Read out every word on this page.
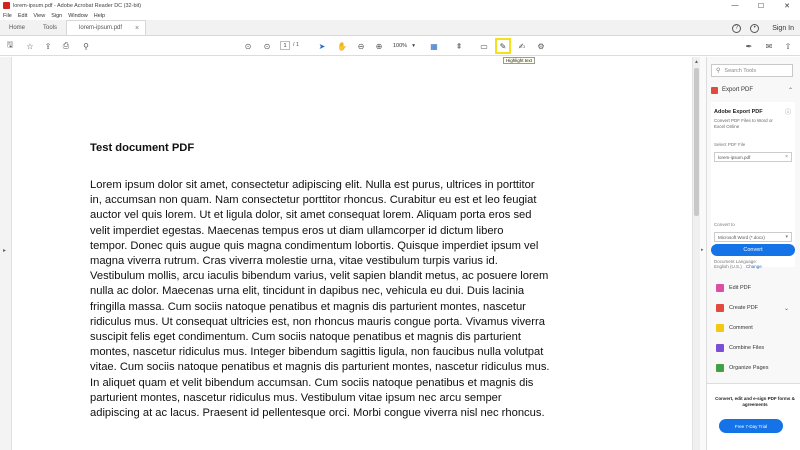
lorem-ipsum.pdf - Adobe Acrobat Reader DC (32-bit)	—	☐	✕
File Edit View Sign Window Help
Home	Tools	lorem-ipsum.pdf ×	?	•	Sign In
🖫	☆	⇪	⎙	⚲	⊙	⊙	1	/ 1	➤	✋	⊖	⊕	100% ▾ ▦	⇞	▭	✎	✍	⚙	✒	✉	⇧
Highlight text
▸
Test document PDF
Lorem ipsum dolor sit amet, consectetur adipiscing elit. Nulla est purus, ultrices in porttitor
in, accumsan non quam. Nam consectetur porttitor rhoncus. Curabitur eu est et leo feugiat
auctor vel quis lorem. Ut et ligula dolor, sit amet consequat lorem. Aliquam porta eros sed
velit imperdiet egestas. Maecenas tempus eros ut diam ullamcorper id dictum libero
tempor. Donec quis augue quis magna condimentum lobortis. Quisque imperdiet ipsum vel
magna viverra rutrum. Cras viverra molestie urna, vitae vestibulum turpis varius id.
Vestibulum mollis, arcu iaculis bibendum varius, velit sapien blandit metus, ac posuere lorem
nulla ac dolor. Maecenas urna elit, tincidunt in dapibus nec, vehicula eu dui. Duis lacinia
fringilla massa. Cum sociis natoque penatibus et magnis dis parturient montes, nascetur
ridiculus mus. Ut consequat ultricies est, non rhoncus mauris congue porta. Vivamus viverra
suscipit felis eget condimentum. Cum sociis natoque penatibus et magnis dis parturient
montes, nascetur ridiculus mus. Integer bibendum sagittis ligula, non faucibus nulla volutpat
vitae. Cum sociis natoque penatibus et magnis dis parturient montes, nascetur ridiculus mus.
In aliquet quam et velit bibendum accumsan. Cum sociis natoque penatibus et magnis dis
parturient montes, nascetur ridiculus mus. Vestibulum vitae ipsum nec arcu semper
adipiscing at ac lacus. Praesent id pellentesque orci. Morbi congue viverra nisl nec rhoncus.
▲
▸
⚲ Search Tools
Export PDF	⌃
Adobe Export PDF
Convert PDF Files to Word or Excel Online
ⓘ
Select PDF File
lorem-ipsum.pdf	×
Convert to
Microsoft Word (*.docx)	▾
Document Language:
English (U.S.) Change
Convert
Edit PDF
Create PDF	⌄
Comment
Combine Files
Organize Pages
Convert, edit and e-sign PDF forms & agreements
Free 7-Day Trial
